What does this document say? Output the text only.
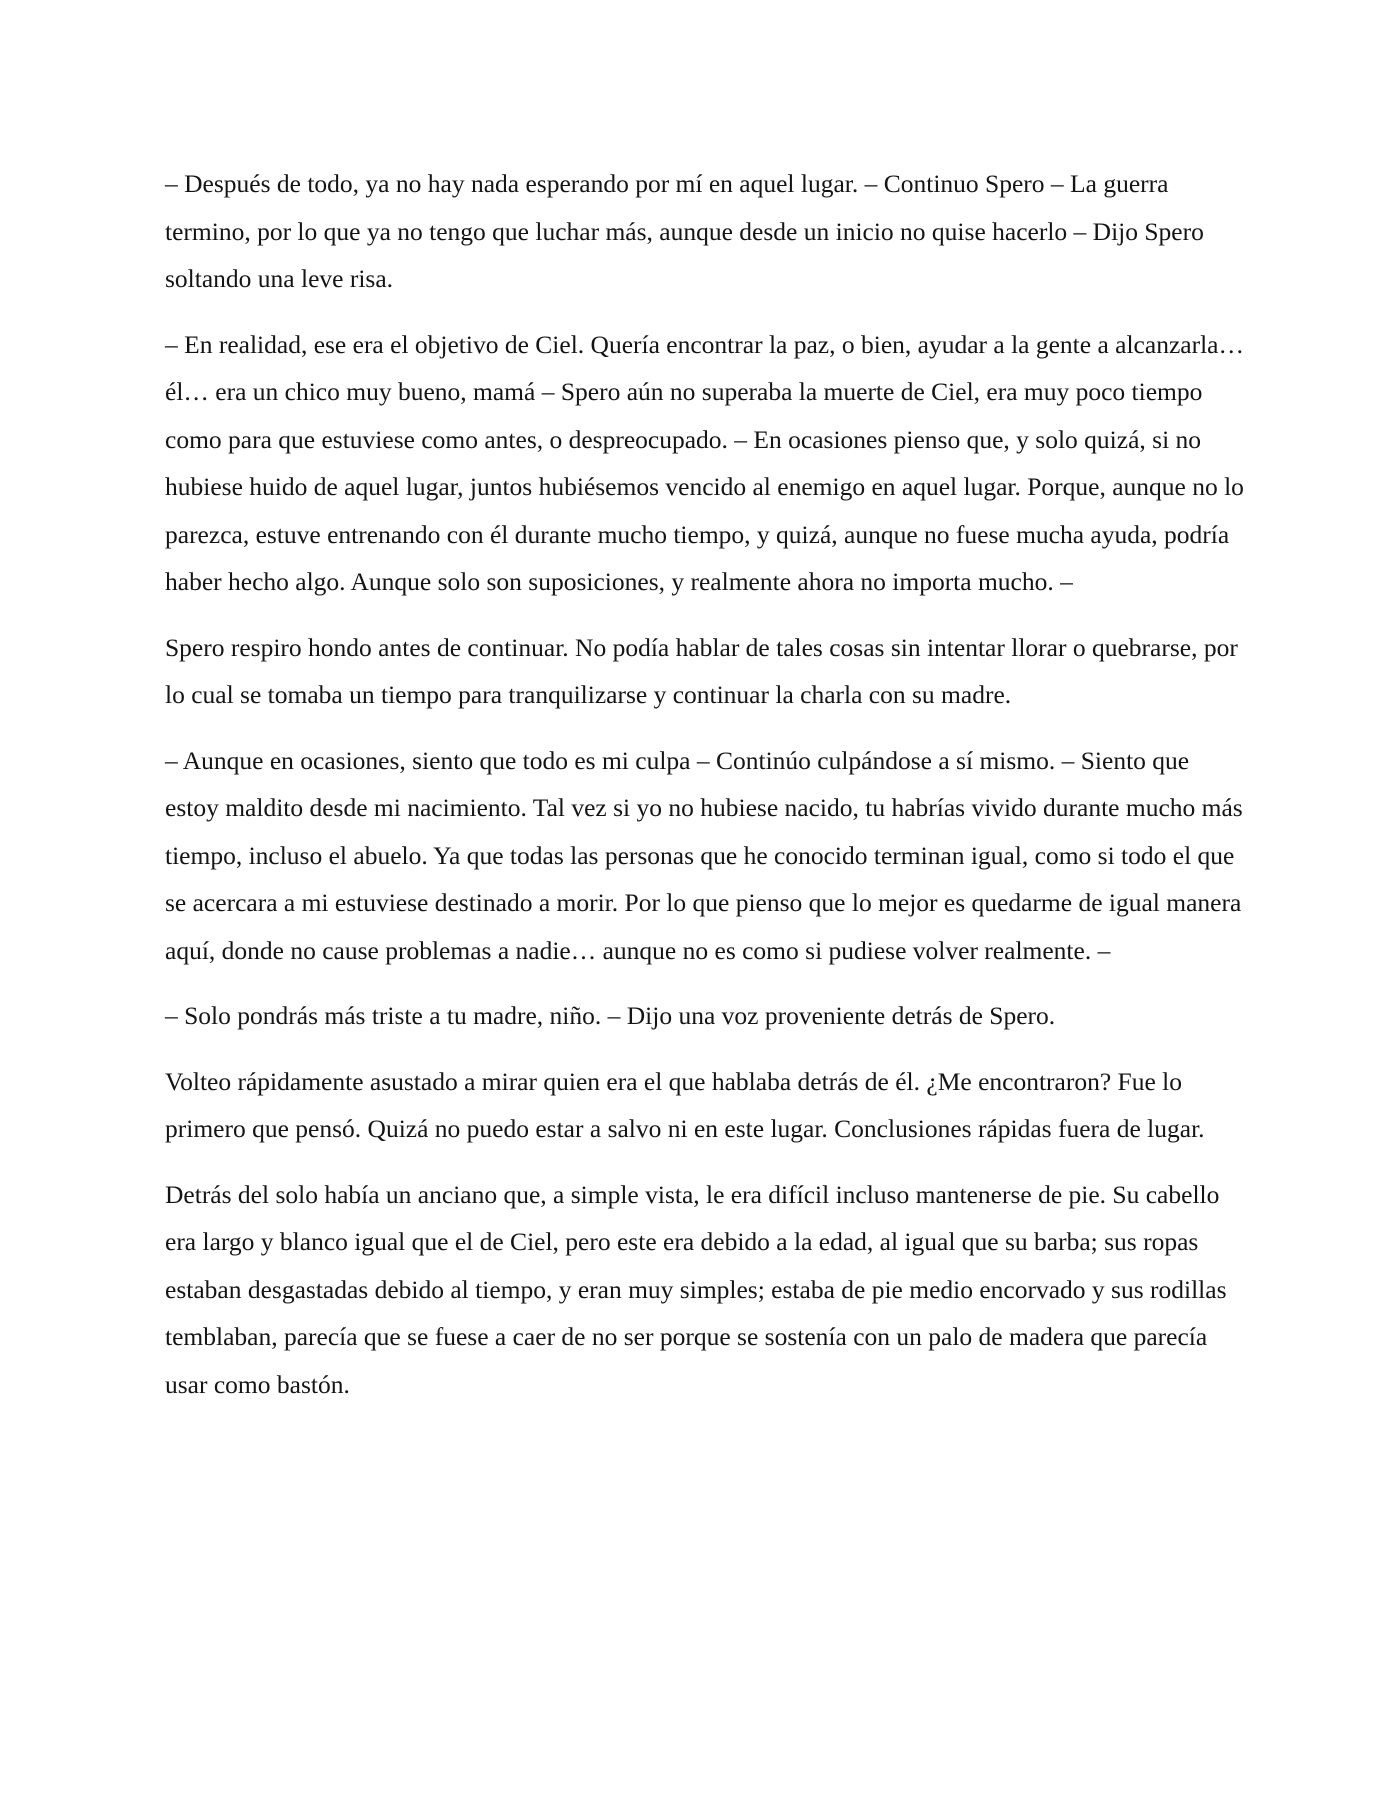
– Después de todo, ya no hay nada esperando por mí en aquel lugar. – Continuo Spero – La guerra termino, por lo que ya no tengo que luchar más, aunque desde un inicio no quise hacerlo – Dijo Spero soltando una leve risa.

– En realidad, ese era el objetivo de Ciel. Quería encontrar la paz, o bien, ayudar a la gente a alcanzarla… él… era un chico muy bueno, mamá – Spero aún no superaba la muerte de Ciel, era muy poco tiempo como para que estuviese como antes, o despreocupado. – En ocasiones pienso que, y solo quizá, si no hubiese huido de aquel lugar, juntos hubiésemos vencido al enemigo en aquel lugar. Porque, aunque no lo parezca, estuve entrenando con él durante mucho tiempo, y quizá, aunque no fuese mucha ayuda, podría haber hecho algo. Aunque solo son suposiciones, y realmente ahora no importa mucho. –

Spero respiro hondo antes de continuar. No podía hablar de tales cosas sin intentar llorar o quebrarse, por lo cual se tomaba un tiempo para tranquilizarse y continuar la charla con su madre.

– Aunque en ocasiones, siento que todo es mi culpa – Continúo culpándose a sí mismo. – Siento que estoy maldito desde mi nacimiento. Tal vez si yo no hubiese nacido, tu habrías vivido durante mucho más tiempo, incluso el abuelo. Ya que todas las personas que he conocido terminan igual, como si todo el que se acercara a mi estuviese destinado a morir. Por lo que pienso que lo mejor es quedarme de igual manera aquí, donde no cause problemas a nadie… aunque no es como si pudiese volver realmente. –

– Solo pondrás más triste a tu madre, niño. – Dijo una voz proveniente detrás de Spero.

Volteo rápidamente asustado a mirar quien era el que hablaba detrás de él. ¿Me encontraron? Fue lo primero que pensó. Quizá no puedo estar a salvo ni en este lugar. Conclusiones rápidas fuera de lugar.

Detrás del solo había un anciano que, a simple vista, le era difícil incluso mantenerse de pie. Su cabello era largo y blanco igual que el de Ciel, pero este era debido a la edad, al igual que su barba; sus ropas estaban desgastadas debido al tiempo, y eran muy simples; estaba de pie medio encorvado y sus rodillas temblaban, parecía que se fuese a caer de no ser porque se sostenía con un palo de madera que parecía usar como bastón.
